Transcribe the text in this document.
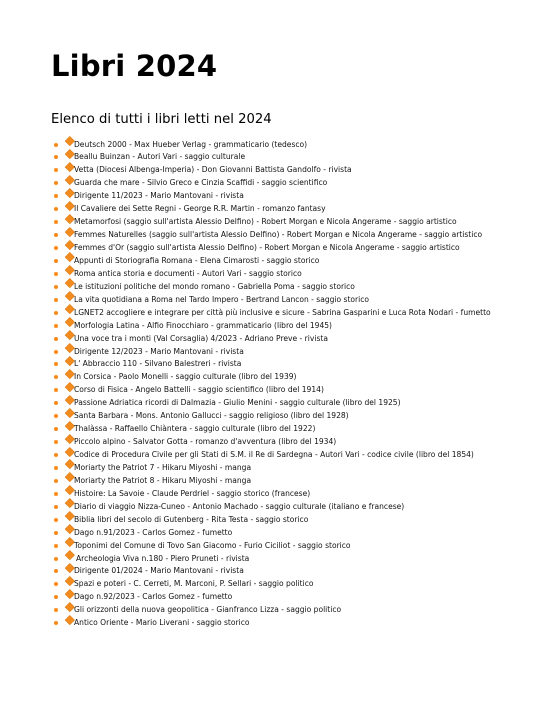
Libri 2024
Elenco di tutti i libri letti nel 2024
Deutsch 2000 - Max Hueber Verlag - grammaticario (tedesco)
Beallu Buinzan - Autori Vari - saggio culturale
Vetta (Diocesi Albenga-Imperia) - Don Giovanni Battista Gandolfo - rivista
Guarda che mare - Silvio Greco e Cinzia Scaffidi - saggio scientifico
Dirigente 11/2023 - Mario Mantovani - rivista
Il Cavaliere dei Sette Regni - George R.R. Martin - romanzo fantasy
Metamorfosi (saggio sull'artista Alessio Delfino) - Robert Morgan e Nicola Angerame - saggio artistico
Femmes Naturelles (saggio sull'artista Alessio Delfino) - Robert Morgan e Nicola Angerame - saggio artistico
Femmes d'Or (saggio sull'artista Alessio Delfino) - Robert Morgan e Nicola Angerame - saggio artistico
Appunti di Storiografia Romana - Elena Cimarosti - saggio storico
Roma antica storia e documenti - Autori Vari - saggio storico
Le istituzioni politiche del mondo romano - Gabriella Poma - saggio storico
La vita quotidiana a Roma nel Tardo Impero - Bertrand Lancon - saggio storico
LGNET2 accogliere e integrare per città più inclusive e sicure - Sabrina Gasparini e Luca Rota Nodari - fumetto
Morfologia Latina - Alfio Finocchiaro - grammaticario (libro del 1945)
Una voce tra i monti (Val Corsaglia) 4/2023 - Adriano Preve - rivista
Dirigente 12/2023 - Mario Mantovani - rivista
L' Abbraccio 110 - Silvano Balestreri - rivista
In Corsica - Paolo Monelli - saggio culturale (libro del 1939)
Corso di Fisica - Angelo Battelli - saggio scientifico (libro del 1914)
Passione Adriatica ricordi di Dalmazia - Giulio Menini - saggio culturale (libro del 1925)
Santa Barbara - Mons. Antonio Gallucci - saggio religioso (libro del 1928)
Thalàssa - Raffaello Chiàntera - saggio culturale (libro del 1922)
Piccolo alpino - Salvator Gotta - romanzo d'avventura (libro del 1934)
Codice di Procedura Civile per gli Stati di S.M. il Re di Sardegna - Autori Vari - codice civile (libro del 1854)
Moriarty the Patriot 7 - Hikaru Miyoshi - manga
Moriarty the Patriot 8 - Hikaru Miyoshi - manga
Histoire: La Savoie - Claude Perdriel - saggio storico (francese)
Diario di viaggio Nizza-Cuneo - Antonio Machado - saggio culturale (italiano e francese)
Biblia libri del secolo di Gutenberg - Rita Testa - saggio storico
Dago n.91/2023 - Carlos Gomez - fumetto
Toponimi del Comune di Tovo San Giacomo - Furio Ciciliot - saggio storico
Archeologia Viva n.180 - Piero Pruneti - rivista
Dirigente 01/2024 - Mario Mantovani - rivista
Spazi e poteri - C. Cerreti, M. Marconi, P. Sellari - saggio politico
Dago n.92/2023 - Carlos Gomez - fumetto
Gli orizzonti della nuova geopolitica - Gianfranco Lizza - saggio politico
Antico Oriente - Mario Liverani - saggio storico
